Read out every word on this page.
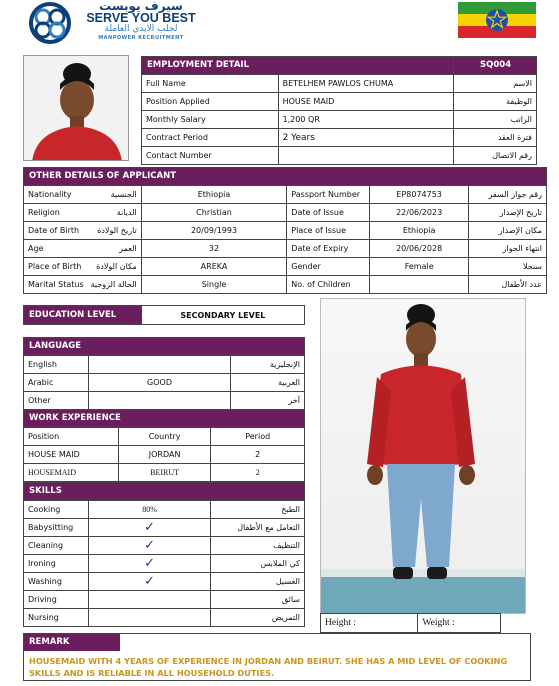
سيرف يوبست
SERVE YOU BEST
لجلب الايدي العاملة
MANPOWER RECRUITMENT
EMPLOYMENT DETAIL		SQ004
Full Name	BETELHEM PAWLOS CHUMA	الاسم
Position Applied	HOUSE MAID	الوظيفة
Monthly Salary	1,200 QR	الراتب
Contract Period	2 Years	فترة العقد
Contact Number		رقم الاتصال
OTHER DETAILS OF APPLICANT				
Nationality الجنسية	Ethiopia	Passport Number	EP8074753	رقم جواز السفر
Religion الديانة	Christian	Date of Issue	22/06/2023	تاريخ الإصدار
Date of Birth تاريخ الولادة	20/09/1993	Place of Issue	Ethiopia	مكان الإصدار
Age العمر	32	Date of Expiry	20/06/2028	انتهاء الجواز
Place of Birth مكان الولادة	AREKA	Gender	Female	سنجلا
Marital Status الحالة الزوجية	Single	No. of Children		عدد الأطفال
EDUCATION LEVEL	SECONDARY LEVEL
LANGUAGE		
English		الإنجليزية
Arabic	GOOD	العربية
Other		آخر
WORK EXPERIENCE		
Position	Country	Period
HOUSE MAID	JORDAN	2
HOUSEMAID	BEIRUT	2
SKILLS		
Cooking	80%	الطبخ
Babysitting	✓	التعامل مع الأطفال
Cleaning	✓	التنظيف
Ironing	✓	كي الملابس
Washing	✓	الغسيل
Driving		سائق
Nursing		التمريض
Height :	Weight :
REMARK
HOUSEMAID WITH 4 YEARS OF EXPERIENCE IN JORDAN AND BEIRUT. SHE HAS A MID LEVEL OF COOKING SKILLS AND IS RELIABLE IN ALL HOUSEHOLD DUTIES.
